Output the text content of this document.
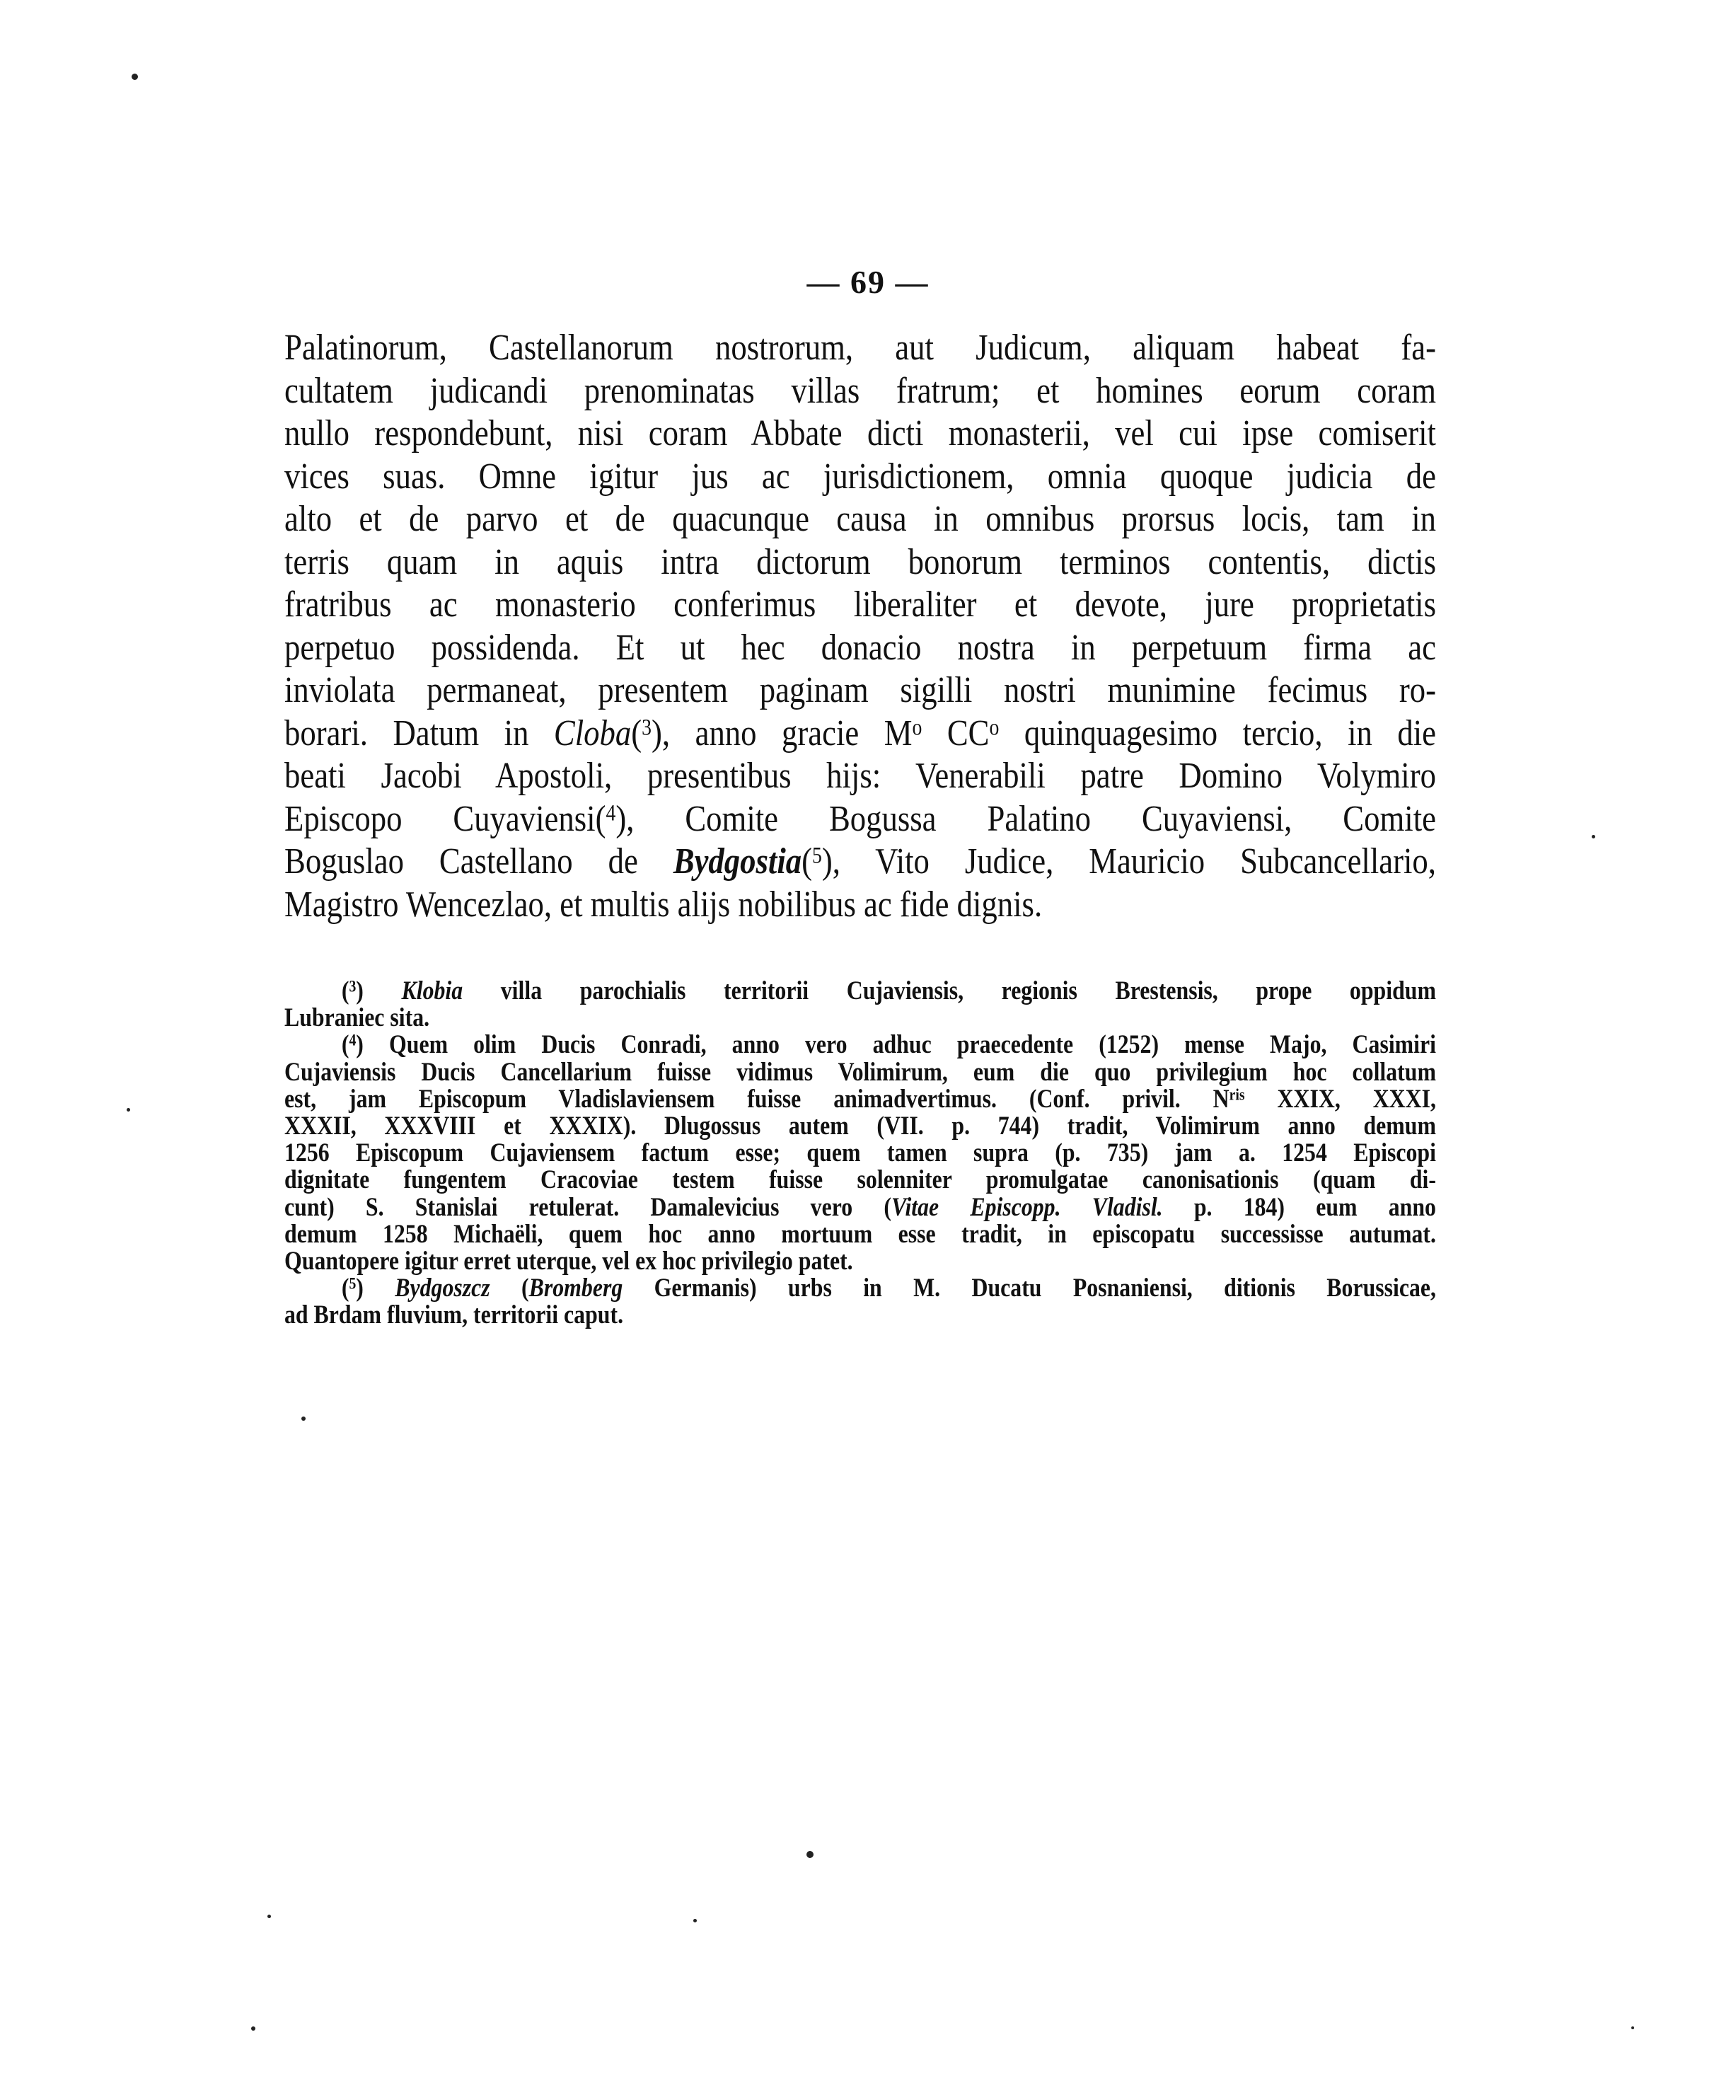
— 69 —
Palatinorum, Castellanorum nostrorum, aut Judicum, aliquam habeat fa-
cultatem judicandi prenominatas villas fratrum; et homines eorum coram
nullo respondebunt, nisi coram Abbate dicti monasterii, vel cui ipse comiserit
vices suas. Omne igitur jus ac jurisdictionem, omnia quoque judicia de
alto et de parvo et de quacunque causa in omnibus prorsus locis, tam in
terris quam in aquis intra dictorum bonorum terminos contentis, dictis
fratribus ac monasterio conferimus liberaliter et devote, jure proprietatis
perpetuo possidenda. Et ut hec donacio nostra in perpetuum firma ac
inviolata permaneat, presentem paginam sigilli nostri munimine fecimus ro-
borari. Datum in Cloba($^3$), anno gracie $M^o$ $CC^o$ quinquagesimo tercio, in die
beati Jacobi Apostoli, presentibus hijs: Venerabili patre Domino Volymiro
Episcopo Cuyaviensi($^4$), Comite Bogussa Palatino Cuyaviensi, Comite
Boguslao Castellano de Bydgostia($^5$), Vito Judice, Mauricio Subcancellario,
Magistro Wencezlao, et multis alijs nobilibus ac fide dignis.
($^3$) Klobia villa parochialis territorii Cujaviensis, regionis Brestensis, prope oppidum
Lubraniec sita.
($^4$) Quem olim Ducis Conradi, anno vero adhuc praecedente (1252) mense Majo, Casimiri
Cujaviensis Ducis Cancellarium fuisse vidimus Volimirum, eum die quo privilegium hoc collatum
est, jam Episcopum Vladislaviensem fuisse animadvertimus. (Conf. privil. $N^{ris}$ XXIX, XXXI,
XXXII, XXXVIII et XXXIX). Dlugossus autem (VII. p. 744) tradit, Volimirum anno demum
1256 Episcopum Cujaviensem factum esse; quem tamen supra (p. 735) jam a. 1254 Episcopi
dignitate fungentem Cracoviae testem fuisse solenniter promulgatae canonisationis (quam di-
cunt) S. Stanislai retulerat. Damalevicius vero (Vitae Episcopp. Vladisl. p. 184) eum anno
demum 1258 Michaëli, quem hoc anno mortuum esse tradit, in episcopatu successisse autumat.
Quantopere igitur erret uterque, vel ex hoc privilegio patet.
($^5$) Bydgoszcz (Bromberg Germanis) urbs in M. Ducatu Posnaniensi, ditionis Borussicae,
ad Brdam fluvium, territorii caput.
